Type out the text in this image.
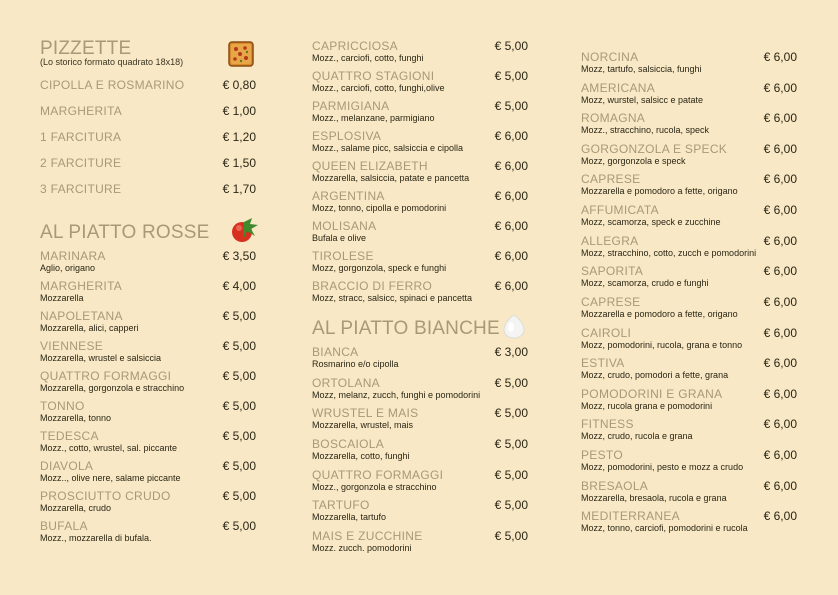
PIZZETTE
(Lo storico formato quadrato 18x18)
CIPOLLA E ROSMARINO	€ 0,80
MARGHERITA	€ 1,00
1 FARCITURA	€ 1,20
2 FARCITURE	€ 1,50
3 FARCITURE	€ 1,70
AL PIATTO ROSSE
MARINARA
Aglio, origano
€ 3,50
MARGHERITA
Mozzarella
€ 4,00
NAPOLETANA
Mozzarella, alici, capperi
€ 5,00
VIENNESE
Mozzarella, wrustel e salsiccia
€ 5,00
QUATTRO FORMAGGI
Mozzarella, gorgonzola e stracchino
€ 5,00
TONNO
Mozzarella, tonno
€ 5,00
TEDESCA
Mozz., cotto, wrustel, sal. piccante
€ 5,00
DIAVOLA
Mozz.., olive nere, salame piccante
€ 5,00
PROSCIUTTO CRUDO
Mozzarella, crudo
€ 5,00
BUFALA
Mozz., mozzarella di bufala.
€ 5,00
CAPRICCIOSA
Mozz., carciofi, cotto, funghi
€ 5,00
QUATTRO STAGIONI
Mozz., carciofi, cotto, funghi,olive
€ 5,00
PARMIGIANA
Mozz., melanzane, parmigiano
€ 5,00
ESPLOSIVA
Mozz., salame picc, salsiccia e cipolla
€ 6,00
QUEEN ELIZABETH
Mozzarella, salsiccia, patate e pancetta
€ 6,00
ARGENTINA
Mozz, tonno, cipolla e pomodorini
€ 6,00
MOLISANA
Bufala e olive
€ 6,00
TIROLESE
Mozz, gorgonzola, speck e funghi
€ 6,00
BRACCIO DI FERRO
Mozz, stracc, salsicc, spinaci e pancetta
€ 6,00
AL PIATTO BIANCHE
BIANCA
Rosmarino e/o cipolla
€ 3,00
ORTOLANA
Mozz, melanz, zucch, funghi e pomodorini
€ 5,00
WRUSTEL E MAIS
Mozzarella, wrustel, mais
€ 5,00
BOSCAIOLA
Mozzarella, cotto, funghi
€ 5,00
QUATTRO FORMAGGI
Mozz., gorgonzola e stracchino
€ 5,00
TARTUFO
Mozzarella, tartufo
€ 5,00
MAIS E ZUCCHINE
Mozz. zucch. pomodorini
€ 5,00
NORCINA
Mozz, tartufo, salsiccia, funghi
€ 6,00
AMERICANA
Mozz, wurstel, salsicc e patate
€ 6,00
ROMAGNA
Mozz., stracchino, rucola, speck
€ 6,00
GORGONZOLA E SPECK
Mozz, gorgonzola e speck
€ 6,00
CAPRESE
Mozzarella e pomodoro a fette, origano
€ 6,00
AFFUMICATA
Mozz, scamorza, speck e zucchine
€ 6,00
ALLEGRA
Mozz, stracchino, cotto, zucch e pomodorini
€ 6,00
SAPORITA
Mozz, scamorza, crudo e funghi
€ 6,00
CAPRESE
Mozzarella e pomodoro a fette, origano
€ 6,00
CAIROLI
Mozz, pomodorini, rucola, grana e tonno
€ 6,00
ESTIVA
Mozz, crudo, pomodori a fette, grana
€ 6,00
POMODORINI E GRANA
Mozz, rucola grana e pomodorini
€ 6,00
FITNESS
Mozz, crudo, rucola e grana
€ 6,00
PESTO
Mozz, pomodorini, pesto e mozz a crudo
€ 6,00
BRESAOLA
Mozzarella, bresaola, rucola e grana
€ 6,00
MEDITERRANEA
Mozz, tonno, carciofi, pomodorini e rucola
€ 6,00
